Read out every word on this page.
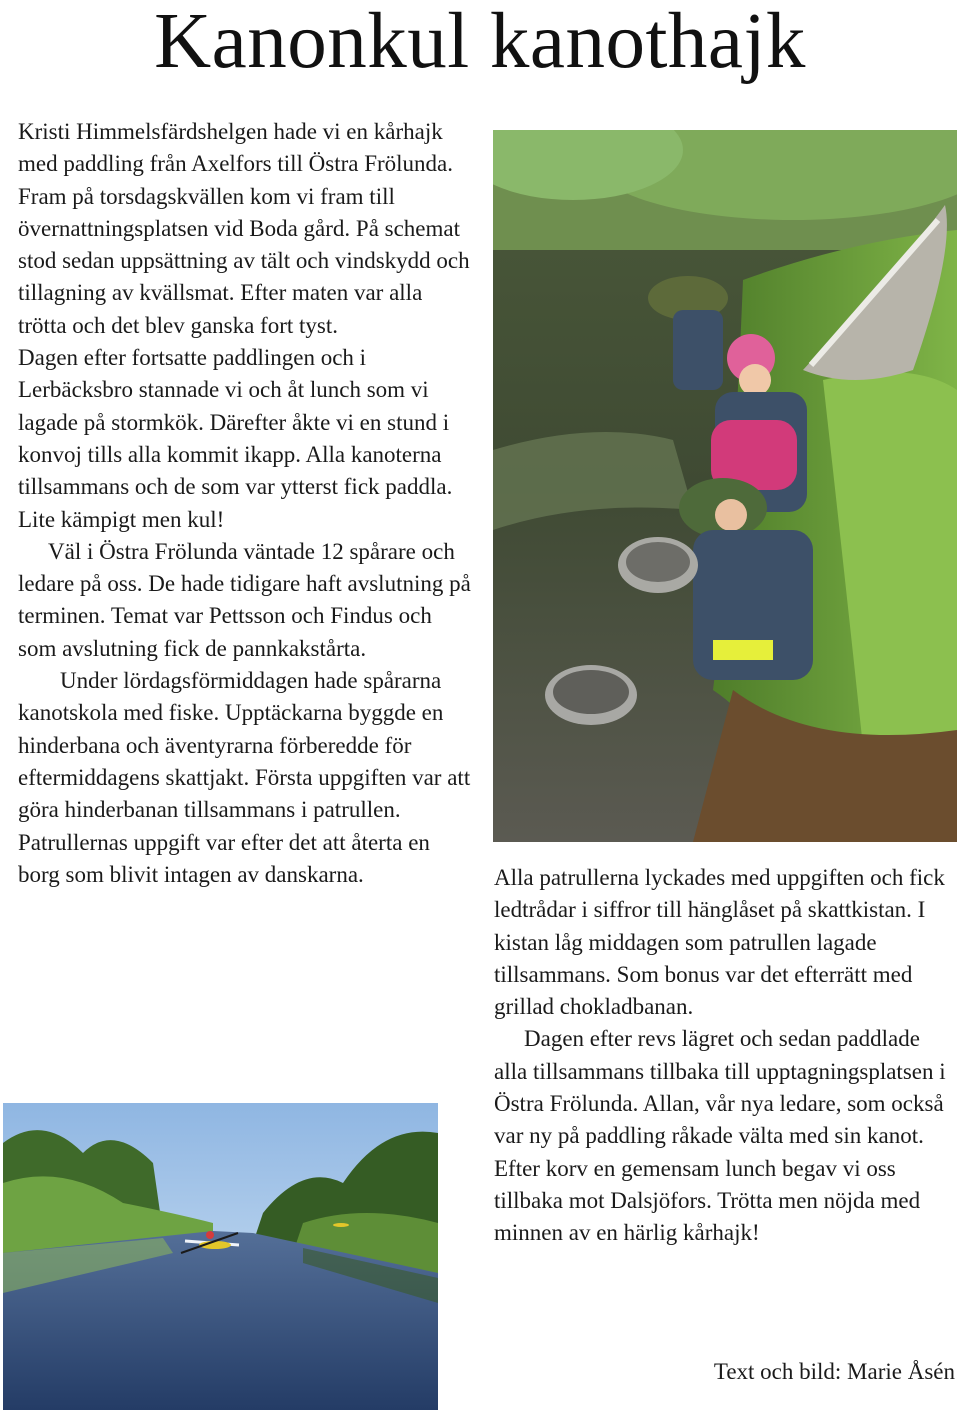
Kanonkul kanothajk

Kristi Himmelsfärdshelgen hade vi en kårhajk med paddling från Axelfors till Östra Frölunda. Fram på torsdagskvällen kom vi fram till övernattningsplatsen vid Boda gård. På schemat stod sedan uppsättning av tält och vindskydd och tillagning av kvällsmat. Efter maten var alla trötta och det blev ganska fort tyst.

Dagen efter fortsatte paddlingen och i Lerbäcksbro stannade vi och åt lunch som vi lagade på stormkök. Därefter åkte vi en stund i konvoj tills alla kommit ikapp. Alla kanoterna tillsammans och de som var ytterst fick paddla. Lite kämpigt men kul!

Väl i Östra Frölunda väntade 12 spårare och ledare på oss. De hade tidigare haft avslutning på terminen. Temat var Pettsson och Findus och som avslutning fick de pannkakstårta.

Under lördagsförmiddagen hade spårarna kanotskola med fiske. Upptäckarna byggde en hinderbana och äventyrarna förberedde för eftermiddagens skattjakt. Första uppgiften var att göra hinderbanan tillsammans i patrullen. Patrullernas uppgift var efter det att återta en borg som blivit intagen av danskarna.	Alla patrullerna lyckades med uppgiften och fick ledtrådar i siffror till hänglåset på skattkistan. I kistan låg middagen som patrullen lagade tillsammans. Som bonus var det efterrätt med grillad chokladbanan.

Dagen efter revs lägret och sedan paddlade alla tillsammans tillbaka till upptagningsplatsen i Östra Frölunda. Allan, vår nya ledare, som också var ny på paddling råkade välta med sin kanot. Efter korv en gemensam lunch begav vi oss tillbaka mot Dalsjöfors. Trötta men nöjda med minnen av en härlig kårhajk!

Text och bild: Marie Åsén
